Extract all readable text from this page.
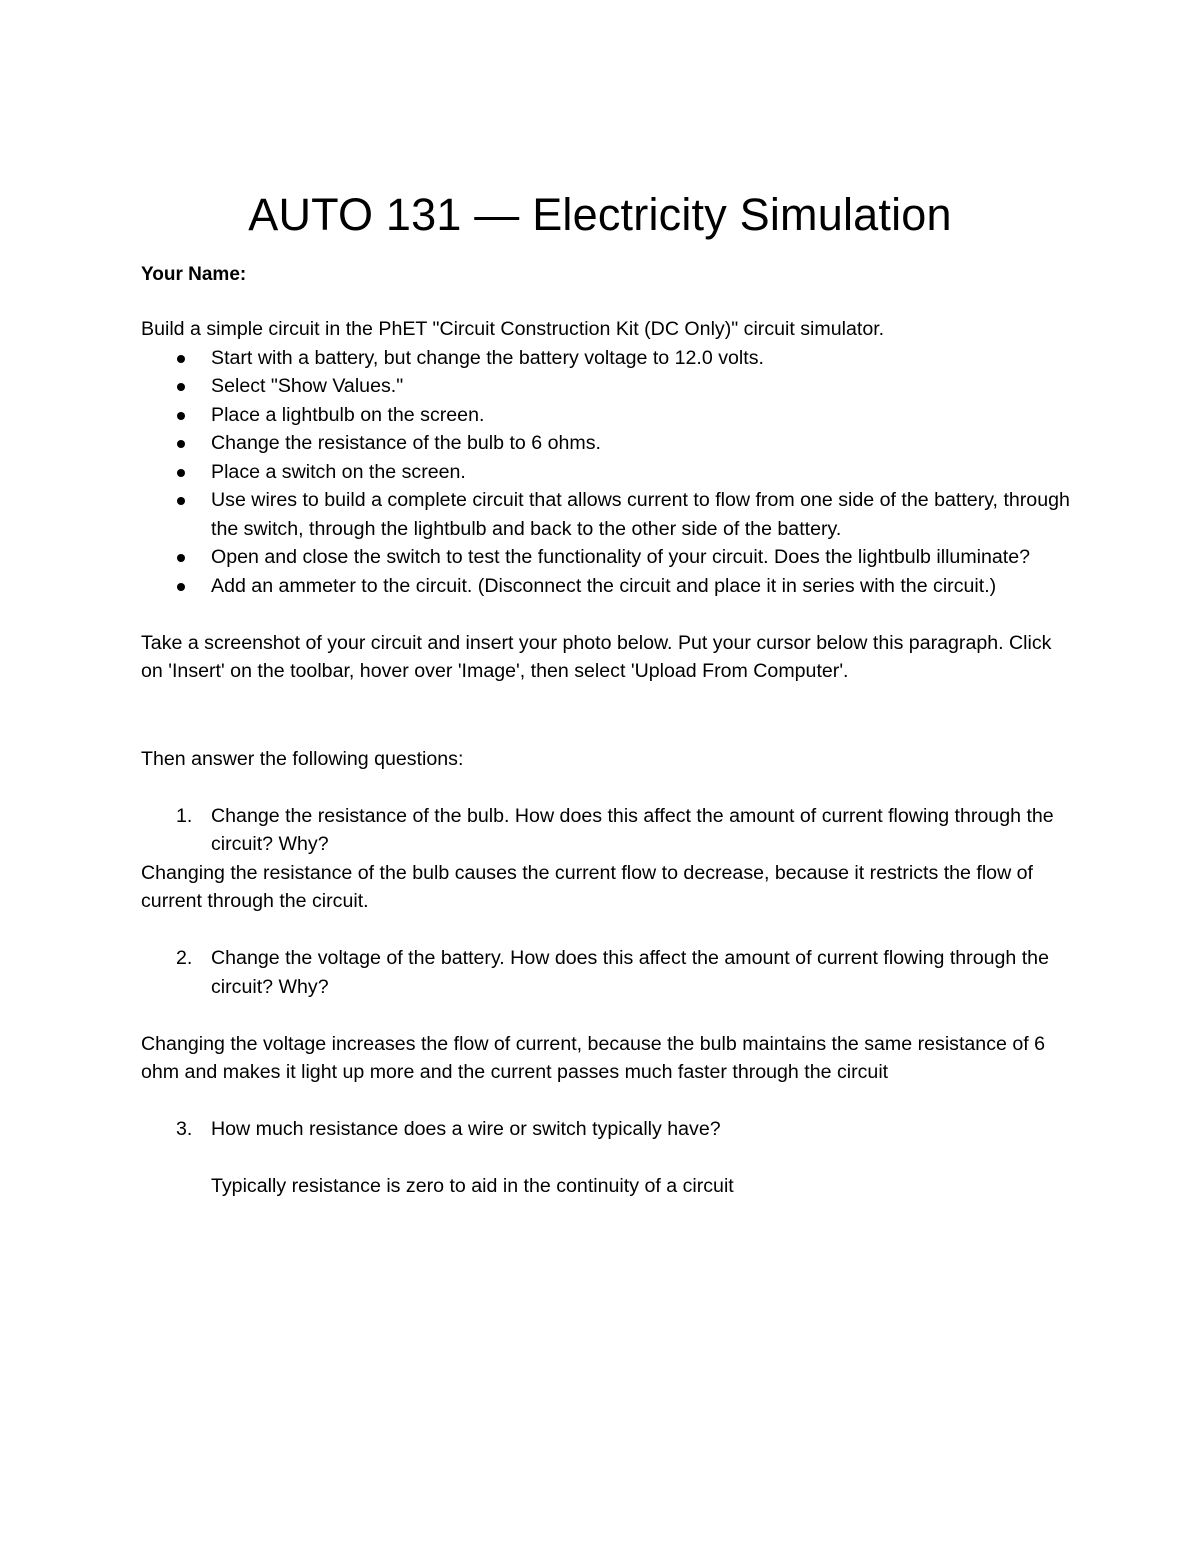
AUTO 131 — Electricity Simulation
Your Name:

Build a simple circuit in the PhET "Circuit Construction Kit (DC Only)" circuit simulator.

Start with a battery, but change the battery voltage to 12.0 volts.
Select "Show Values."
Place a lightbulb on the screen.
Change the resistance of the bulb to 6 ohms.
Place a switch on the screen.
Use wires to build a complete circuit that allows current to flow from one side of the battery, through the switch, through the lightbulb and back to the other side of the battery.
Open and close the switch to test the functionality of your circuit. Does the lightbulb illuminate?
Add an ammeter to the circuit. (Disconnect the circuit and place it in series with the circuit.)

Take a screenshot of your circuit and insert your photo below. Put your cursor below this paragraph. Click on 'Insert' on the toolbar, hover over 'Image', then select 'Upload From Computer'.

Then answer the following questions:

1. Change the resistance of the bulb. How does this affect the amount of current flowing through the circuit? Why?

Changing the resistance of the bulb causes the current flow to decrease, because it restricts the flow of current through the circuit.

2. Change the voltage of the battery. How does this affect the amount of current flowing through the circuit? Why?

Changing the voltage increases the flow of current, because the bulb maintains the same resistance of 6 ohm and makes it light up more and the current passes much faster through the circuit

3. How much resistance does a wire or switch typically have?

Typically resistance is zero to aid in the continuity of a circuit
